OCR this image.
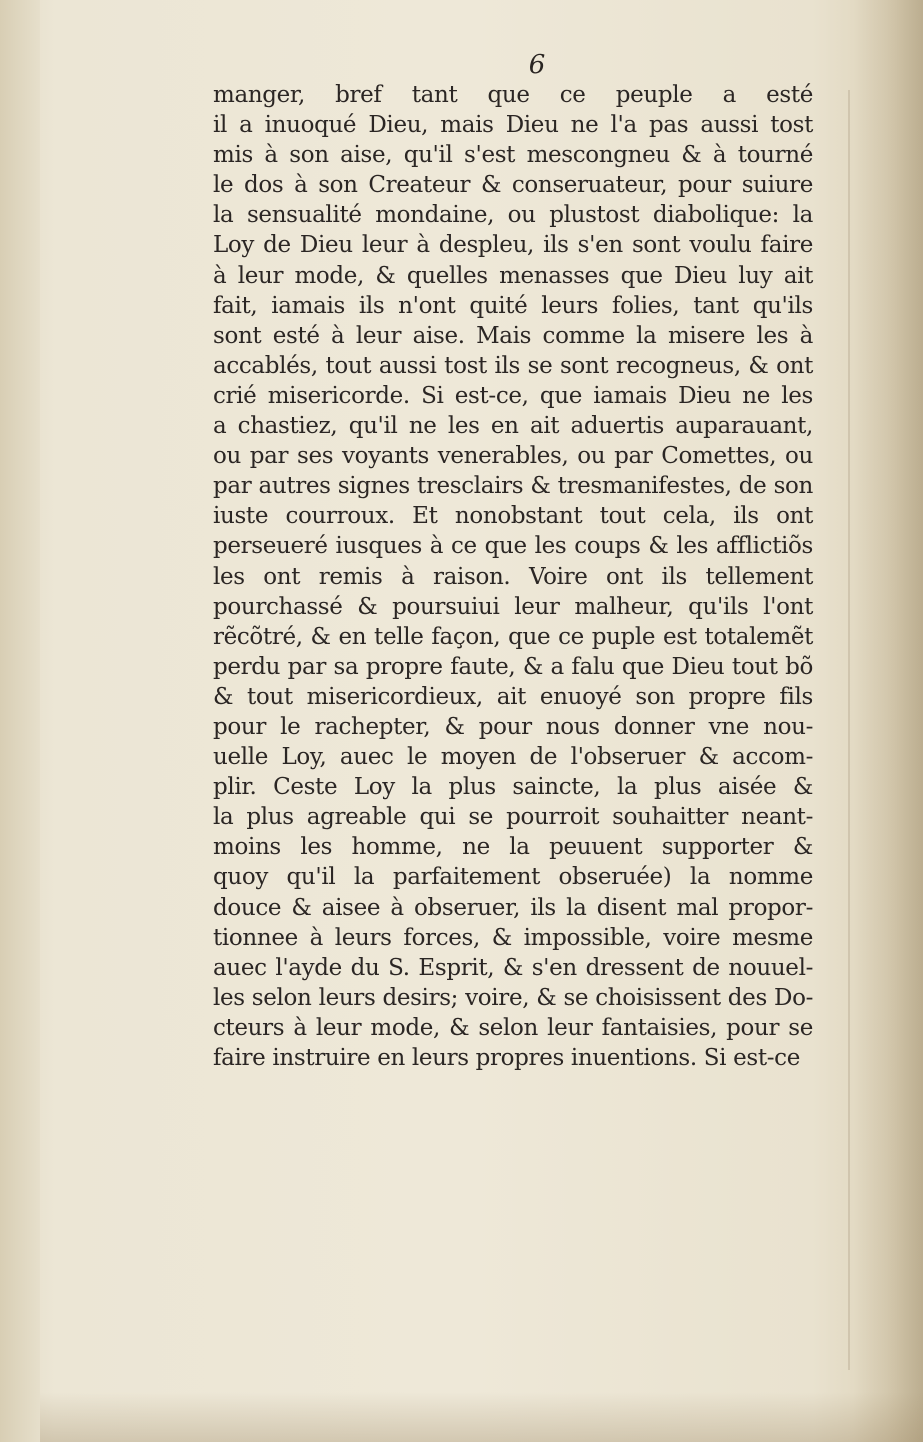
6
manger, bref tant que ce peuple a esté
il a inuoqué Dieu, mais Dieu ne l'a pas aussi tost
mis à son aise, qu'il s'est mescongneu & à tourné
le dos à son Createur & conseruateur, pour suiure
la sensualité mondaine, ou plustost diabolique: la
Loy de Dieu leur à despleu, ils s'en sont voulu faire
à leur mode, & quelles menasses que Dieu luy ait
fait, iamais ils n'ont quité leurs folies, tant qu'ils
sont esté à leur aise. Mais comme la misere les à
accablés, tout aussi tost ils se sont recogneus, & ont
crié misericorde. Si est-ce, que iamais Dieu ne les
a chastiez, qu'il ne les en ait aduertis auparauant,
ou par ses voyants venerables, ou par Comettes, ou
par autres signes tresclairs & tresmanifestes, de son
iuste courroux. Et nonobstant tout cela, ils ont
perseueré iusques à ce que les coups & les afflictiõs
les ont remis à raison. Voire ont ils tellement
pourchassé & poursuiui leur malheur, qu'ils l'ont
rẽcõtré, & en telle façon, que ce puple est totalemẽt
perdu par sa propre faute, & a falu que Dieu tout bõ
& tout misericordieux, ait enuoyé son propre fils
pour le rachepter, & pour nous donner vne nou-
uelle Loy, auec le moyen de l'obseruer & accom-
plir. Ceste Loy la plus saincte, la plus aisée &
la plus agreable qui se pourroit souhaitter neant-
moins les homme, ne la peuuent supporter &
quoy qu'il la parfaitement obseruée) la nomme
douce & aisee à obseruer, ils la disent mal propor-
tionnee à leurs forces, & impossible, voire mesme
auec l'ayde du S. Esprit, & s'en dressent de nouuel-
les selon leurs desirs; voire, & se choisissent des Do-
cteurs à leur mode, & selon leur fantaisies, pour se
faire instruire en leurs propres inuentions. Si est-ce
